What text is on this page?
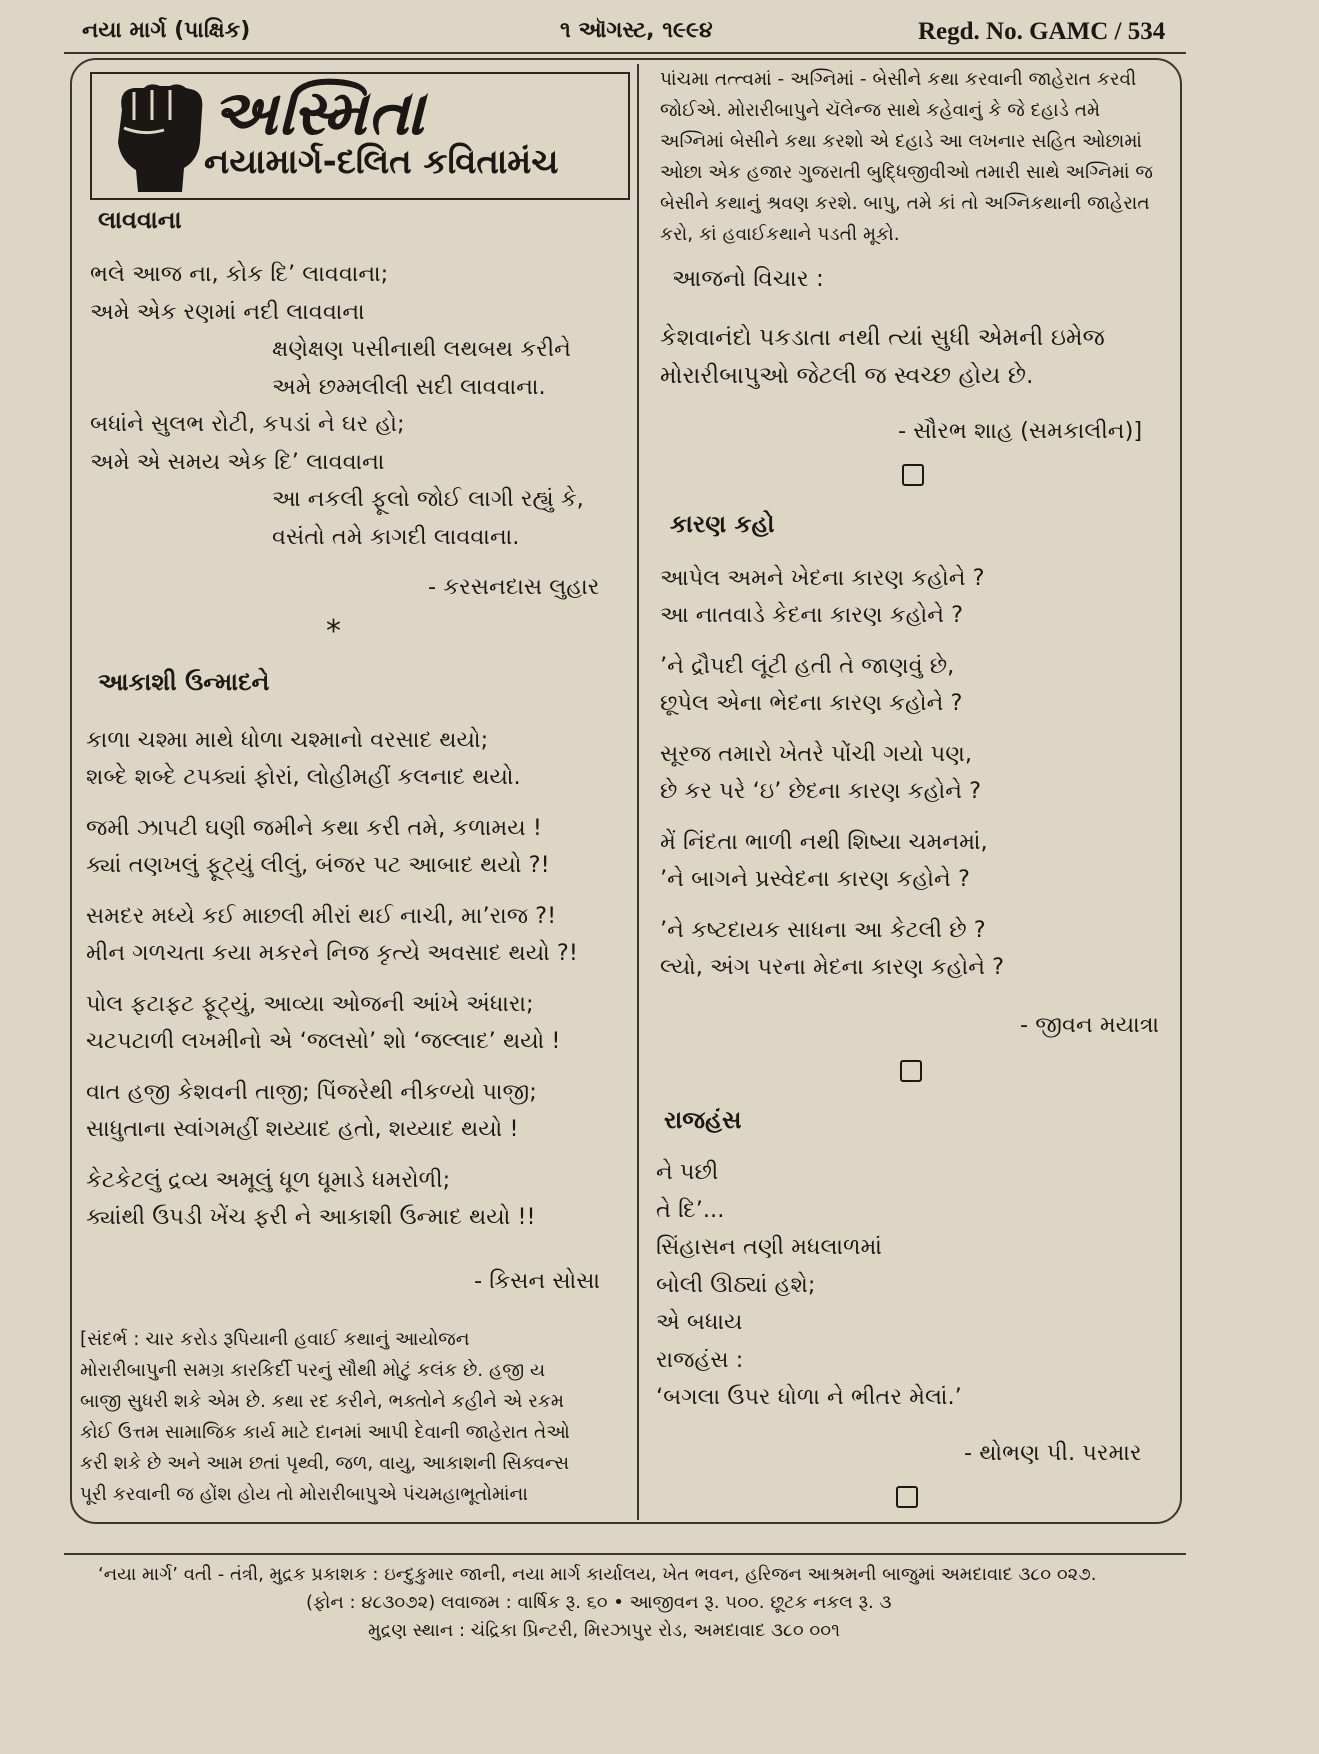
નયા માર્ગ (પાક્ષિક)	૧ ઑગસ્ટ, ૧૯૯૪	Regd. No. GAMC / 534
અસ્મિતા
નયામાર્ગ-દલિત કવિતામંચ
લાવવાના
ભલે આજ ના, કોક દિ’ લાવવાના;
અમે એક રણમાં નદી લાવવાના
ક્ષણેક્ષણ પસીનાથી લથબથ કરીને
અમે છમ્મલીલી સદી લાવવાના.
બધાંને સુલભ રોટી, કપડાં ને ઘર હો;
અમે એ સમય એક દિ’ લાવવાના
આ નકલી ફૂલો જોઈ લાગી રહ્યું કે,
વસંતો તમે કાગદી લાવવાના.
- કરસનદાસ લુહાર
*
આકાશી ઉન્માદને
કાળા ચશ્મા માથે ધોળા ચશ્માનો વરસાદ થયો;
શબ્દે શબ્દે ટપક્યાં ફોરાં, લોહીમહીં કલનાદ થયો.
જમી ઝાપટી ઘણી જમીને કથા કરી તમે, કળામય !
ક્યાં તણખલું ફૂટ્યું લીલું, બંજર પટ આબાદ થયો ?!
સમદર મધ્યે કઈ માછલી મીરાં થઈ નાચી, મા’રાજ ?!
મીન ગળચતા કયા મકરને નિજ કૃત્યે અવસાદ થયો ?!
પોલ ફટાફટ ફૂટ્યું, આવ્યા ઓજની આંખે અંધારા;
ચટપટાળી લખમીનો એ ‘જલસો’ શો ‘જલ્લાદ’ થયો !
વાત હજી કેશવની તાજી; પિંજરેથી નીકળ્યો પાજી;
સાધુતાના સ્વાંગમહીં શય્યાદ હતો, શય્યાદ થયો !
કેટકેટલું દ્રવ્ય અમૂલું ધૂળ ધૂમાડે ધમરોળી;
ક્યાંથી ઉપડી ખેંચ ફરી ને આકાશી ઉન્માદ થયો !!
- કિસન સોસા
[સંદર્ભ : ચાર કરોડ રૂપિયાની હવાઈ કથાનું આયોજન
મોરારીબાપુની સમગ્ર કારકિર્દી પરનું સૌથી મોટું કલંક છે. હજી ય
બાજી સુધરી શકે એમ છે. કથા રદ કરીને, ભક્તોને કહીને એ રકમ
કોઈ ઉત્તમ સામાજિક કાર્ય માટે દાનમાં આપી દેવાની જાહેરાત તેઓ
કરી શકે છે અને આમ છતાં પૃથ્વી, જળ, વાયુ, આકાશની સિક્વન્સ
પૂરી કરવાની જ હોંશ હોય તો મોરારીબાપુએ પંચમહાભૂતોમાંના
પાંચમા તત્ત્વમાં - અગ્નિમાં - બેસીને કથા કરવાની જાહેરાત કરવી
જોઈએ. મોરારીબાપુને ચૅલેન્જ સાથે કહેવાનું કે જે દહાડે તમે
અગ્નિમાં બેસીને કથા કરશો એ દહાડે આ લખનાર સહિત ઓછામાં
ઓછા એક હજાર ગુજરાતી બુદ્ધિજીવીઓ તમારી સાથે અગ્નિમાં જ
બેસીને કથાનું શ્રવણ કરશે. બાપુ, તમે કાં તો અગ્નિકથાની જાહેરાત
કરો, કાં હવાઈકથાને પડતી મૂકો.
આજનો વિચાર :
કેશવાનંદો પકડાતા નથી ત્યાં સુધી એમની ઇમેજ
મોરારીબાપુઓ જેટલી જ સ્વચ્છ હોય છે.
- સૌરભ શાહ (સમકાલીન)]
કારણ કહો
આપેલ અમને ખેદના કારણ કહોને ?
આ નાતવાડે કેદના કારણ કહોને ?
’ને દ્રૌપદી લૂંટી હતી તે જાણવું છે,
છૂપેલ એના ભેદના કારણ કહોને ?
સૂરજ તમારો ખેતરે પોંચી ગયો પણ,
છે કર પરે ‘ઇ’ છેદના કારણ કહોને ?
મેં નિંદતા ભાળી નથી શિષ્યા ચમનમાં,
’ને બાગને પ્રસ્વેદના કારણ કહોને ?
’ને કષ્ટદાયક સાધના આ કેટલી છે ?
લ્યો, અંગ પરના મેદના કારણ કહોને ?
- જીવન મયાત્રા
રાજહંસ
ને પછી
તે દિ’...
સિંહાસન તણી મધલાળમાં
બોલી ઊઠ્યાં હશે;
એ બધાય
રાજહંસ :
‘બગલા ઉપર ધોળા ને ભીતર મેલાં.’
- થોભણ પી. પરમાર
‘નયા માર્ગ’ વતી - તંત્રી, મુદ્રક પ્રકાશક : ઇન્દુકુમાર જાની, નયા માર્ગ કાર્યાલય, ખેત ભવન, હરિજન આશ્રમની બાજુમાં અમદાવાદ ૩૮૦ ૦૨૭.
(ફોન : ૪૮૩૦૭૨) લવાજમ : વાર્ષિક રૂ. ૬૦ • આજીવન રૂ. ૫૦૦. છૂટક નકલ રૂ. ૩
મુદ્રણ સ્થાન : ચંદ્રિકા પ્રિન્ટરી, મિરઝાપુર રોડ, અમદાવાદ ૩૮૦ ૦૦૧
